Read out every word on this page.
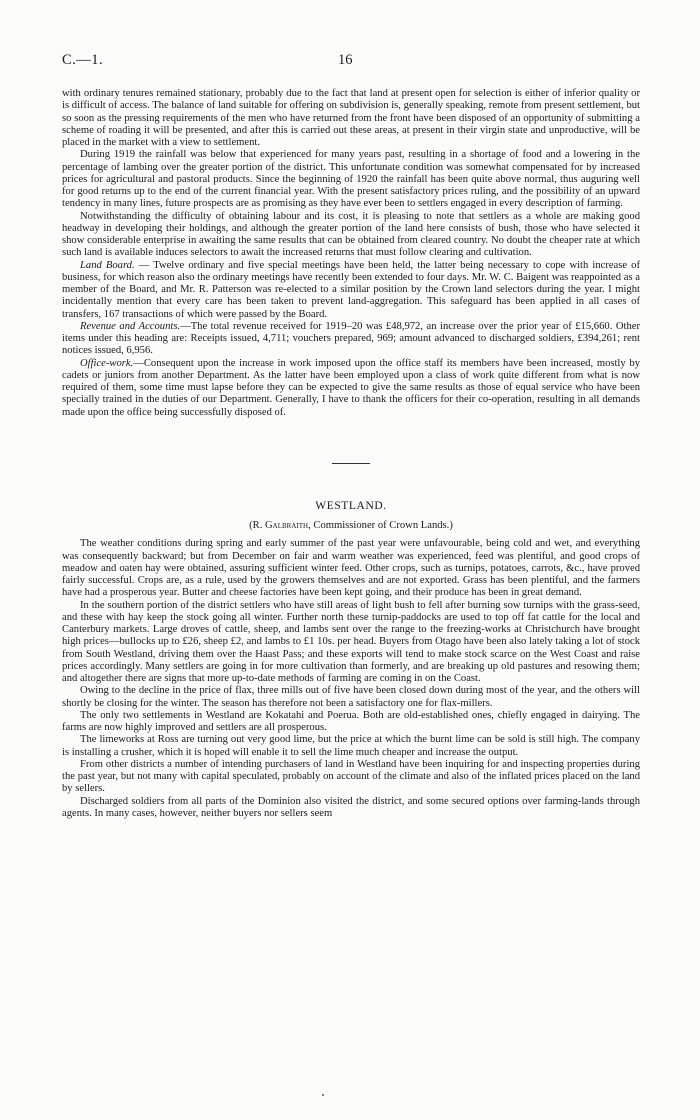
C.—1.	16

with ordinary tenures remained stationary, probably due to the fact that land at present open for selection is either of inferior quality or is difficult of access. The balance of land suitable for offering on subdivision is, generally speaking, remote from present settlement, but so soon as the pressing requirements of the men who have returned from the front have been disposed of an opportunity of submitting a scheme of roading it will be presented, and after this is carried out these areas, at present in their virgin state and unproductive, will be placed in the market with a view to settlement.

During 1919 the rainfall was below that experienced for many years past, resulting in a shortage of food and a lowering in the percentage of lambing over the greater portion of the district. This unfortunate condition was somewhat compensated for by increased prices for agricultural and pastoral products. Since the beginning of 1920 the rainfall has been quite above normal, thus auguring well for good returns up to the end of the current financial year. With the present satisfactory prices ruling, and the possibility of an upward tendency in many lines, future prospects are as promising as they have ever been to settlers engaged in every description of farming.

Notwithstanding the difficulty of obtaining labour and its cost, it is pleasing to note that settlers as a whole are making good headway in developing their holdings, and although the greater portion of the land here consists of bush, those who have selected it show considerable enterprise in awaiting the same results that can be obtained from cleared country. No doubt the cheaper rate at which such land is available induces selectors to await the increased returns that must follow clearing and cultivation.

Land Board. — Twelve ordinary and five special meetings have been held, the latter being necessary to cope with increase of business, for which reason also the ordinary meetings have recently been extended to four days. Mr. W. C. Baigent was reappointed as a member of the Board, and Mr. R. Patterson was re-elected to a similar position by the Crown land selectors during the year. I might incidentally mention that every care has been taken to prevent land-aggregation. This safeguard has been applied in all cases of transfers, 167 transactions of which were passed by the Board.

Revenue and Accounts.—The total revenue received for 1919–20 was £48,972, an increase over the prior year of £15,660. Other items under this heading are: Receipts issued, 4,711; vouchers prepared, 969; amount advanced to discharged soldiers, £394,261; rent notices issued, 6,956.

Office-work.—Consequent upon the increase in work imposed upon the office staff its members have been increased, mostly by cadets or juniors from another Department. As the latter have been employed upon a class of work quite different from what is now required of them, some time must lapse before they can be expected to give the same results as those of equal service who have been specially trained in the duties of our Department. Generally, I have to thank the officers for their co-operation, resulting in all demands made upon the office being successfully disposed of.

WESTLAND.
(R. Galbraith, Commissioner of Crown Lands.)

The weather conditions during spring and early summer of the past year were unfavourable, being cold and wet, and everything was consequently backward; but from December on fair and warm weather was experienced, feed was plentiful, and good crops of meadow and oaten hay were obtained, assuring sufficient winter feed. Other crops, such as turnips, potatoes, carrots, &c., have proved fairly successful. Crops are, as a rule, used by the growers themselves and are not exported. Grass has been plentiful, and the farmers have had a prosperous year. Butter and cheese factories have been kept going, and their produce has been in great demand.

In the southern portion of the district settlers who have still areas of light bush to fell after burning sow turnips with the grass-seed, and these with hay keep the stock going all winter. Further north these turnip-paddocks are used to top off fat cattle for the local and Canterbury markets. Large droves of cattle, sheep, and lambs sent over the range to the freezing-works at Christchurch have brought high prices—bullocks up to £26, sheep £2, and lambs to £1 10s. per head. Buyers from Otago have been also lately taking a lot of stock from South Westland, driving them over the Haast Pass; and these exports will tend to make stock scarce on the West Coast and raise prices accordingly. Many settlers are going in for more cultivation than formerly, and are breaking up old pastures and resowing them; and altogether there are signs that more up-to-date methods of farming are coming in on the Coast.

Owing to the decline in the price of flax, three mills out of five have been closed down during most of the year, and the others will shortly be closing for the winter. The season has therefore not been a satisfactory one for flax-millers.

The only two settlements in Westland are Kokatahi and Poerua. Both are old-established ones, chiefly engaged in dairying. The farms are now highly improved and settlers are all prosperous.

The limeworks at Ross are turning out very good lime, but the price at which the burnt lime can be sold is still high. The company is installing a crusher, which it is hoped will enable it to sell the lime much cheaper and increase the output.

From other districts a number of intending purchasers of land in Westland have been inquiring for and inspecting properties during the past year, but not many with capital speculated, probably on account of the climate and also of the inflated prices placed on the land by sellers.

Discharged soldiers from all parts of the Dominion also visited the district, and some secured options over farming-lands through agents. In many cases, however, neither buyers nor sellers seem
